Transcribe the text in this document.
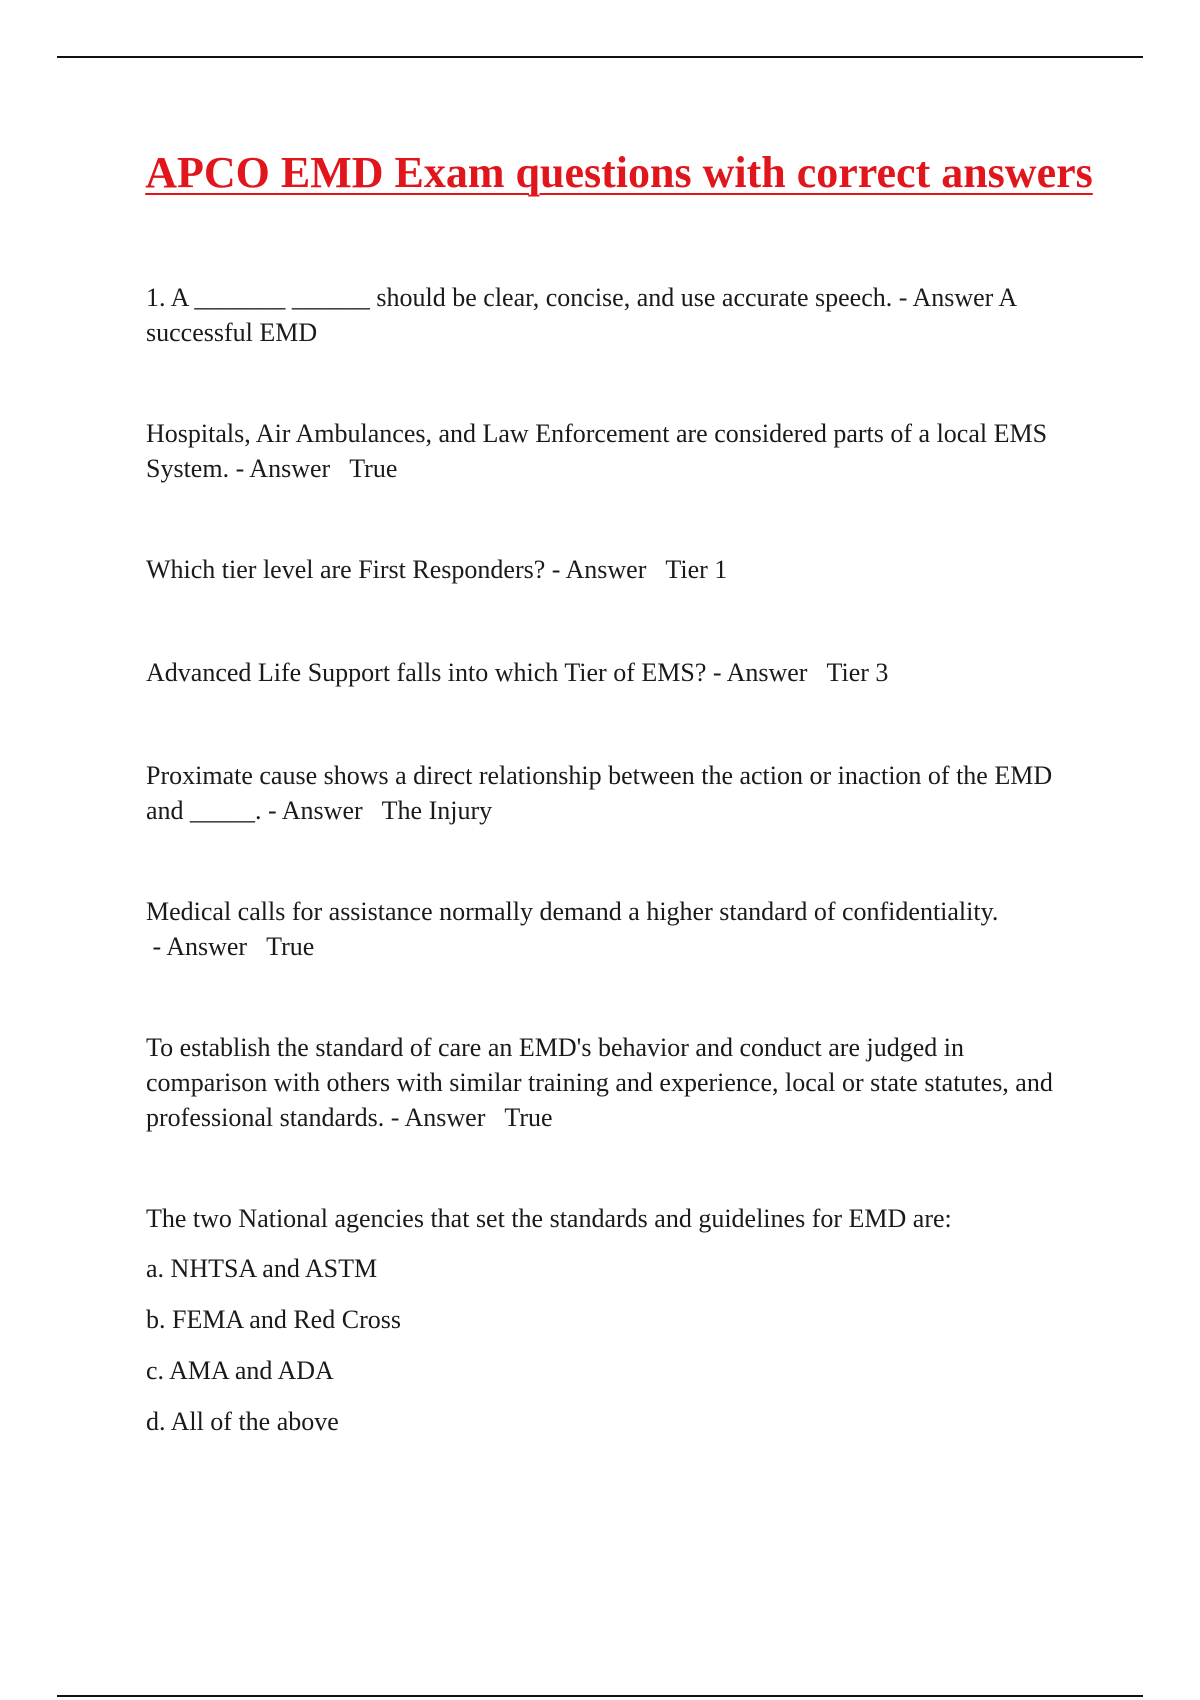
APCO EMD Exam questions with correct answers

1. A _______ ______ should be clear, concise, and use accurate speech. - Answer A successful EMD

Hospitals, Air Ambulances, and Law Enforcement are considered parts of a local EMS System. - Answer   True

Which tier level are First Responders? - Answer   Tier 1

Advanced Life Support falls into which Tier of EMS? - Answer   Tier 3

Proximate cause shows a direct relationship between the action or inaction of the EMD and _____. - Answer   The Injury

Medical calls for assistance normally demand a higher standard of confidentiality.
- Answer   True

To establish the standard of care an EMD's behavior and conduct are judged in comparison with others with similar training and experience, local or state statutes, and professional standards. - Answer   True

The two National agencies that set the standards and guidelines for EMD are:

a. NHTSA and ASTM
b. FEMA and Red Cross
c. AMA and ADA
d. All of the above
